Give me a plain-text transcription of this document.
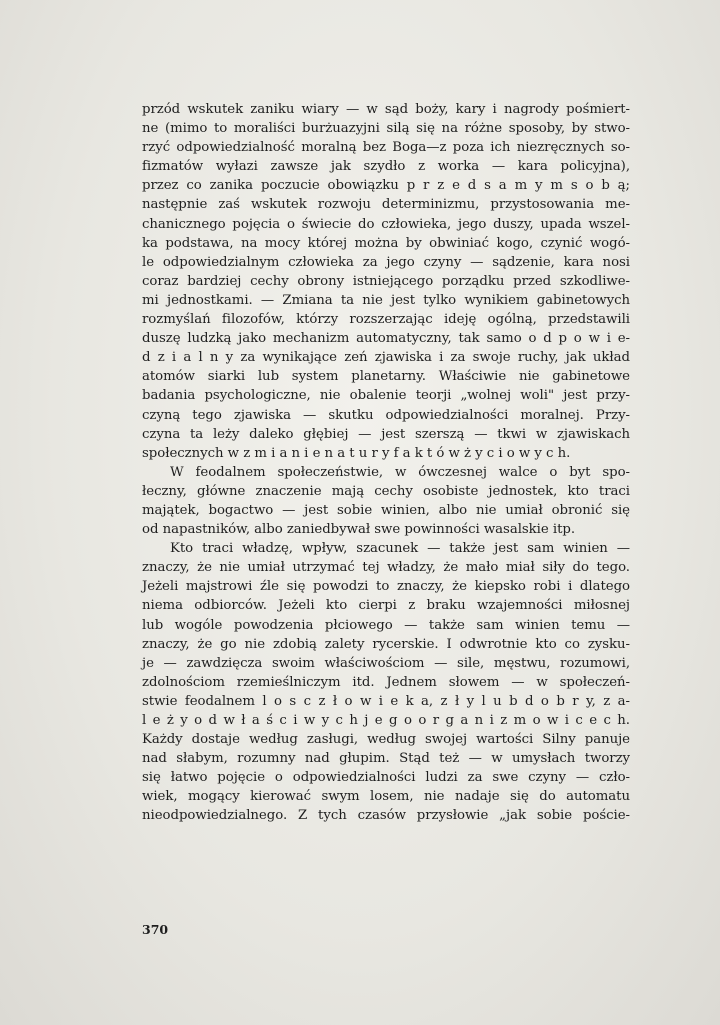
przód wskutek zaniku wiary — w sąd boży, kary i nagrody pośmiert-
ne (mimo to moraliści burżuazyjni silą się na różne sposoby, by stwo-
rzyć odpowiedzialność moralną bez Boga—z poza ich niezręcznych so-
fizmatów wyłazi zawsze jak szydło z worka — kara policyjna),
przez co zanika poczucie obowiązku p r z e d s a m y m s o b ą;
następnie zaś wskutek rozwoju determinizmu, przystosowania me-
chanicznego pojęcia o świecie do człowieka, jego duszy, upada wszel-
ka podstawa, na mocy której można by obwiniać kogo, czynić wogó-
le odpowiedzialnym człowieka za jego czyny — sądzenie, kara nosi
coraz bardziej cechy obrony istniejącego porządku przed szkodliwe-
mi jednostkami. — Zmiana ta nie jest tylko wynikiem gabinetowych
rozmyślań filozofów, którzy rozszerzając ideję ogólną, przedstawili
duszę ludzką jako mechanizm automatyczny, tak samo o d p o w i e-
d z i a l n y za wynikające zeń zjawiska i za swoje ruchy, jak układ
atomów siarki lub system planetarny. Właściwie nie gabinetowe
badania psychologiczne, nie obalenie teorji „wolnej woli" jest przy-
czyną tego zjawiska — skutku odpowiedzialności moralnej. Przy-
czyna ta leży daleko głębiej — jest szerszą — tkwi w zjawiskach
społecznych w z m i a n i e n a t u r y f a k t ó w ż y c i o w y c h.
W feodalnem społeczeństwie, w ówczesnej walce o byt spo-
łeczny, główne znaczenie mają cechy osobiste jednostek, kto traci
majątek, bogactwo — jest sobie winien, albo nie umiał obronić się
od napastników, albo zaniedbywał swe powinności wasalskie itp.
Kto traci władzę, wpływ, szacunek — także jest sam winien —
znaczy, że nie umiał utrzymać tej władzy, że mało miał siły do tego.
Jeżeli majstrowi źle się powodzi to znaczy, że kiepsko robi i dlatego
niema odbiorców. Jeżeli kto cierpi z braku wzajemności miłosnej
lub wogóle powodzenia płciowego — także sam winien temu —
znaczy, że go nie zdobią zalety rycerskie. I odwrotnie kto co zysku-
je — zawdzięcza swoim właściwościom — sile, męstwu, rozumowi,
zdolnościom rzemieślniczym itd. Jednem słowem — w społeczeń-
stwie feodalnem l o s c z ł o w i e k a, z ł y l u b d o b r y, z a-
l e ż y o d w ł a ś c i w y c h j e g o o r g a n i z m o w i c e c h.
Każdy dostaje według zasługi, według swojej wartości Silny panuje
nad słabym, rozumny nad głupim. Stąd też — w umysłach tworzy
się łatwo pojęcie o odpowiedzialności ludzi za swe czyny — czło-
wiek, mogący kierować swym losem, nie nadaje się do automatu
nieodpowiedzialnego. Z tych czasów przysłowie „jak sobie poście-
370
